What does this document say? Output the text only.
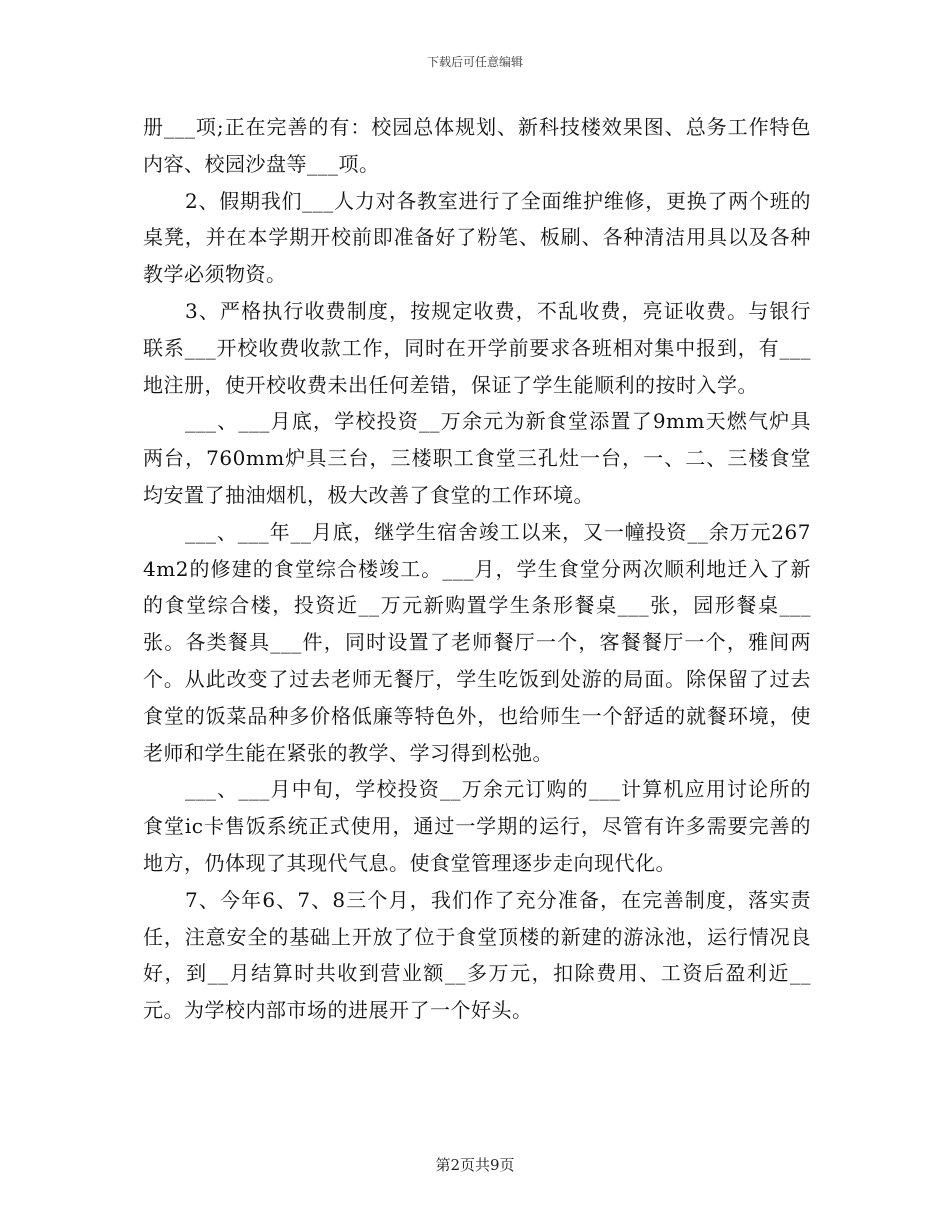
下载后可任意编辑

册___项;正在完善的有：校园总体规划、新科技楼效果图、总务工作特色内容、校园沙盘等___项。

2、假期我们___人力对各教室进行了全面维护维修，更换了两个班的桌凳，并在本学期开校前即准备好了粉笔、板刷、各种清洁用具以及各种教学必须物资。

3、严格执行收费制度，按规定收费，不乱收费，亮证收费。与银行联系___开校收费收款工作，同时在开学前要求各班相对集中报到，有___地注册，使开校收费未出任何差错，保证了学生能顺利的按时入学。

___、___月底，学校投资__万余元为新食堂添置了9mm天燃气炉具两台，760mm炉具三台，三楼职工食堂三孔灶一台，一、二、三楼食堂均安置了抽油烟机，极大改善了食堂的工作环境。

___、___年__月底，继学生宿舍竣工以来，又一幢投资__余万元2674m2的修建的食堂综合楼竣工。___月，学生食堂分两次顺利地迁入了新的食堂综合楼，投资近__万元新购置学生条形餐桌___张，园形餐桌___张。各类餐具___件，同时设置了老师餐厅一个，客餐餐厅一个，雅间两个。从此改变了过去老师无餐厅，学生吃饭到处游的局面。除保留了过去食堂的饭菜品种多价格低廉等特色外，也给师生一个舒适的就餐环境，使老师和学生能在紧张的教学、学习得到松弛。

___、___月中旬，学校投资__万余元订购的___计算机应用讨论所的食堂ic卡售饭系统正式使用，通过一学期的运行，尽管有许多需要完善的地方，仍体现了其现代气息。使食堂管理逐步走向现代化。

7、今年6、7、8三个月，我们作了充分准备，在完善制度，落实责任，注意安全的基础上开放了位于食堂顶楼的新建的游泳池，运行情况良好，到__月结算时共收到营业额__多万元，扣除费用、工资后盈利近__元。为学校内部市场的进展开了一个好头。

第2页共9页
